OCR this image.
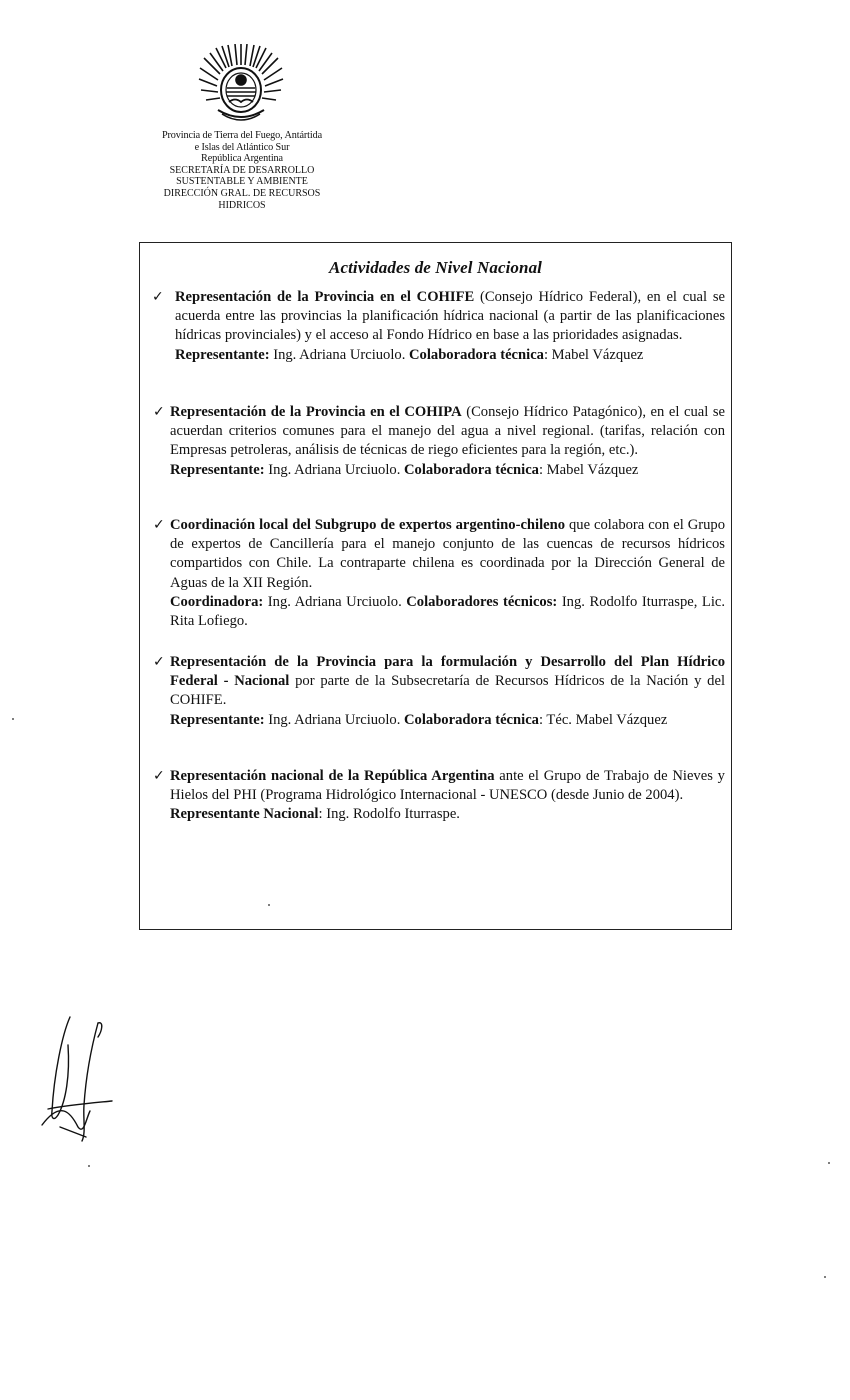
Provincia de Tierra del Fuego, Antártida
e Islas del Atlántico Sur
República Argentina
SECRETARÍA DE DESARROLLO
SUSTENTABLE Y AMBIENTE
DIRECCIÓN GRAL. DE RECURSOS
HIDRICOS
Actividades de Nivel Nacional
✓ Representación de la Provincia en el COHIFE (Consejo Hídrico Federal), en el cual se acuerda entre las provincias la planificación hídrica nacional (a partir de las planificaciones hídricas provinciales) y el acceso al Fondo Hídrico en base a las prioridades asignadas.

Representante: Ing. Adriana Urciuolo. Colaboradora técnica: Mabel Vázquez

✓ Representación de la Provincia en el COHIPA (Consejo Hídrico Patagónico), en el cual se acuerdan criterios comunes para el manejo del agua a nivel regional. (tarifas, relación con Empresas petroleras, análisis de técnicas de riego eficientes para la región, etc.).

Representante: Ing. Adriana Urciuolo. Colaboradora técnica: Mabel Vázquez

✓ Coordinación local del Subgrupo de expertos argentino-chileno que colabora con el Grupo de expertos de Cancillería para el manejo conjunto de las cuencas de recursos hídricos compartidos con Chile. La contraparte chilena es coordinada por la Dirección General de Aguas de la XII Región.

Coordinadora: Ing. Adriana Urciuolo. Colaboradores técnicos: Ing. Rodolfo Iturraspe, Lic. Rita Lofiego.

✓ Representación de la Provincia para la formulación y Desarrollo del Plan Hídrico Federal - Nacional por parte de la Subsecretaría de Recursos Hídricos de la Nación y del COHIFE.

Representante: Ing. Adriana Urciuolo. Colaboradora técnica: Téc. Mabel Vázquez

✓ Representación nacional de la República Argentina ante el Grupo de Trabajo de Nieves y Hielos del PHI (Programa Hidrológico Internacional - UNESCO (desde Junio de 2004).

Representante Nacional: Ing. Rodolfo Iturraspe.
